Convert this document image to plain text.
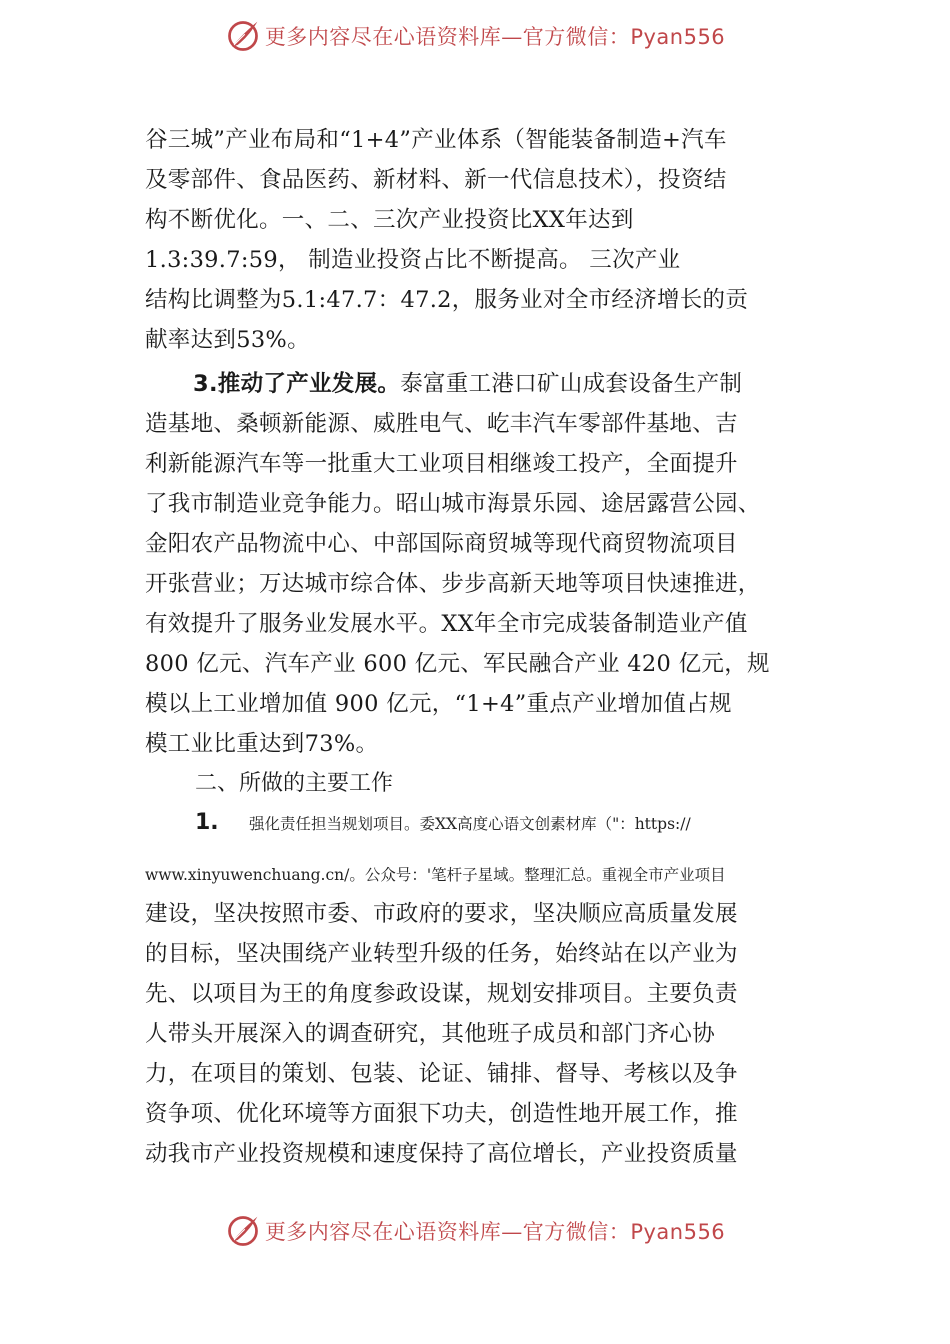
更多内容尽在心语资料库—官方微信：Pyan556

谷三城”产业布局和“1+4”产业体系（智能装备制造+汽车

及零部件、食品医药、新材料、新一代信息技术），投资结

构不断优化。一、二、三次产业投资比XX年达到

1.3:39.7:59， 制造业投资占比不断提高。 三次产业

结构比调整为5.1:47.7：47.2，服务业对全市经济增长的贡

献率达到53%。

3.推动了产业发展。泰富重工港口矿山成套设备生产制

造基地、桑顿新能源、威胜电气、屹丰汽车零部件基地、吉

利新能源汽车等一批重大工业项目相继竣工投产，全面提升

了我市制造业竞争能力。昭山城市海景乐园、途居露营公园、

金阳农产品物流中心、中部国际商贸城等现代商贸物流项目

开张营业；万达城市综合体、步步高新天地等项目快速推进，

有效提升了服务业发展水平。XX年全市完成装备制造业产值

800 亿元、汽车产业 600 亿元、军民融合产业 420 亿元，规

模以上工业增加值 900 亿元，“1+4”重点产业增加值占规

模工业比重达到73%。

二、所做的主要工作

1.	强化责任担当规划项目。委XX高度心语文创素材库（"：https://
www.xinyuwenchuang.cn/。公众号：'笔杆子星域。整理汇总。重视全市产业项目

建设，坚决按照市委、市政府的要求，坚决顺应高质量发展

的目标，坚决围绕产业转型升级的任务，始终站在以产业为

先、以项目为王的角度参政设谋，规划安排项目。主要负责

人带头开展深入的调查研究，其他班子成员和部门齐心协

力，在项目的策划、包装、论证、铺排、督导、考核以及争

资争项、优化环境等方面狠下功夫，创造性地开展工作，推

动我市产业投资规模和速度保持了高位增长，产业投资质量

更多内容尽在心语资料库—官方微信：Pyan556
